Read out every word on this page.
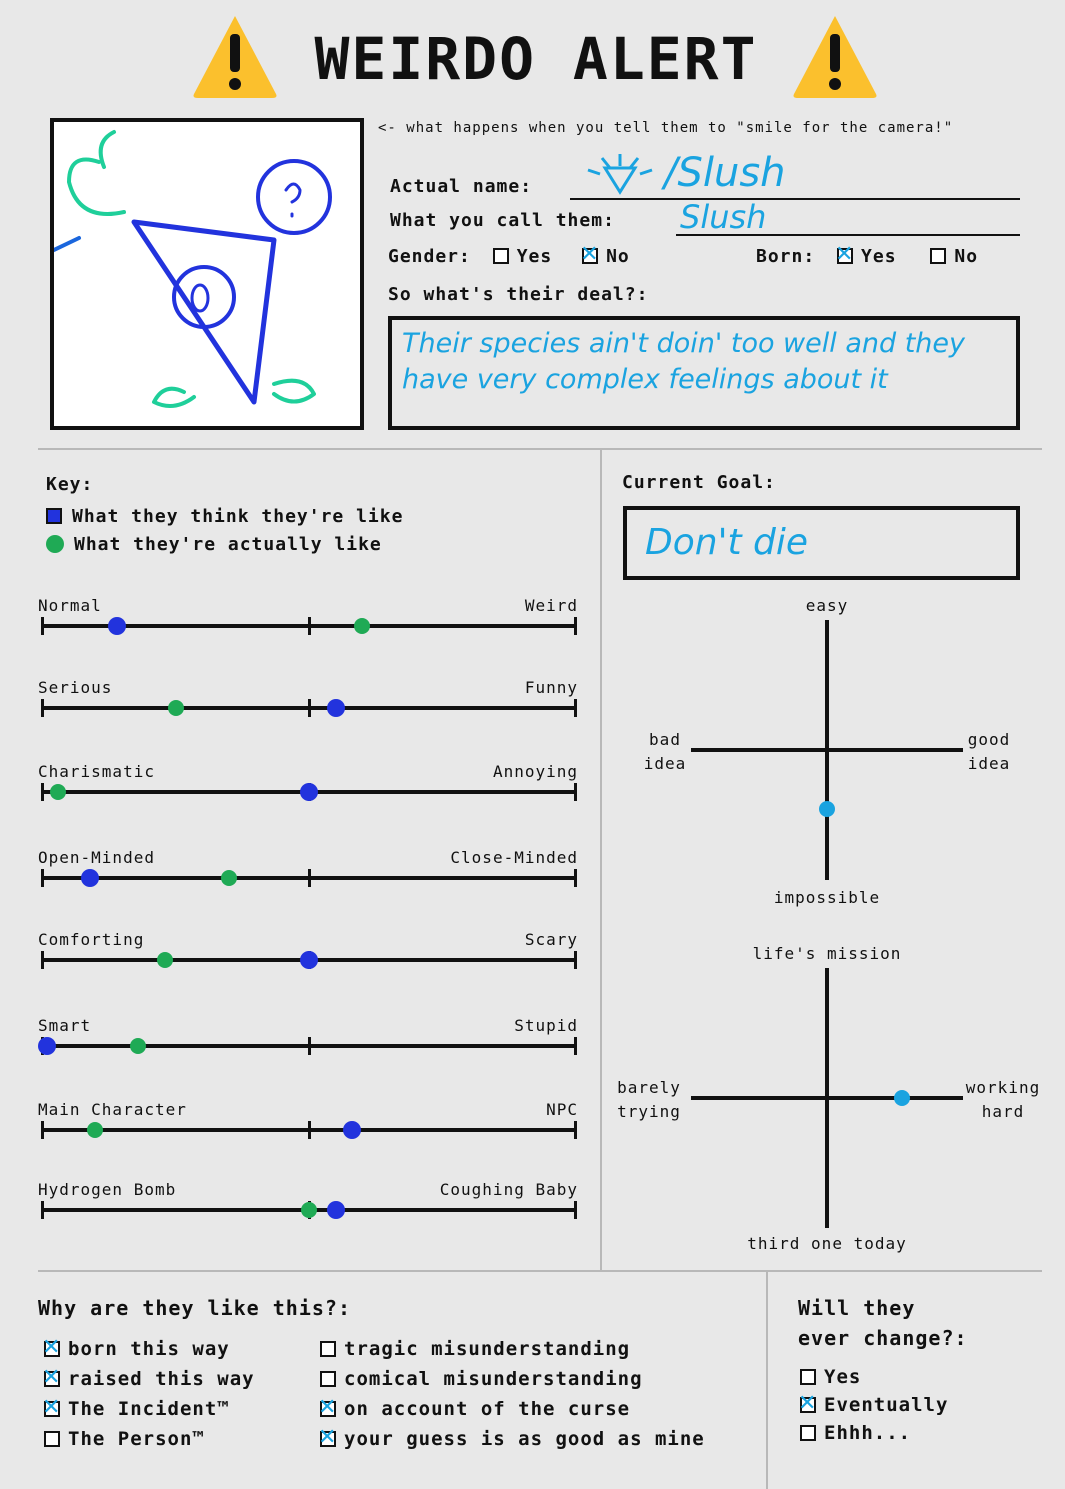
WEIRDO ALERT
<- what happens when you tell them to "smile for the camera!"
Actual name:	/Slush
What you call them: Slush
Gender:	Yes ✕	No	Born: ✕	Yes	No
So what's their deal?:
Their species ain't doin' too well and they have very complex feelings about it
Key:
What they think they're like
What they're actually like
Normal	Weird
Serious	Funny
Charismatic	Annoying
Open-Minded	Close-Minded
Comforting	Scary
Smart	Stupid
Main Character	NPC
Hydrogen Bomb	Coughing Baby
Current Goal:
Don't die
easy
impossible
bad
idea
good
idea
life's mission
third one today
barely
trying
working
hard
Why are they like this?:
✕born this way
✕raised this way
✕The Incident™
The Person™
tragic misunderstanding
comical misunderstanding
✕on account of the curse
✕your guess is as good as mine
Will they
ever change?:
Yes
✕Eventually
Ehhh...
